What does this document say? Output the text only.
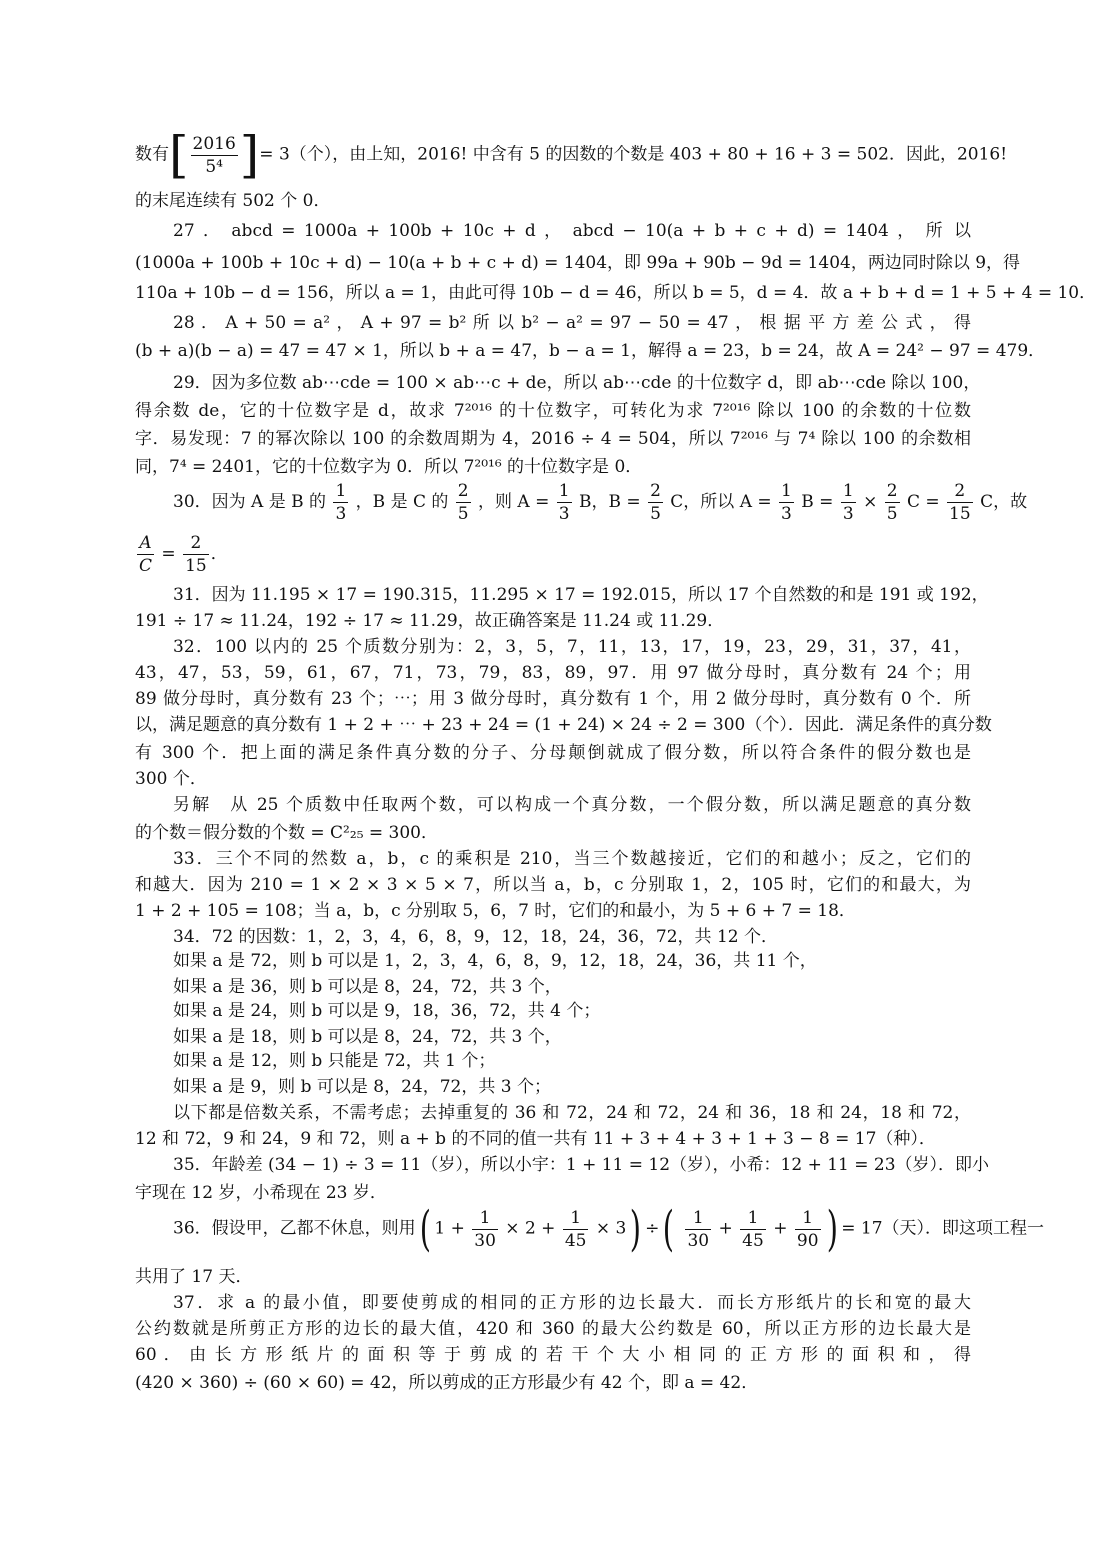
数有[ $\frac{2016}{\text{5⁴}}$ ]= 3（个），由上知，2016! 中含有 5 的因数的个数是 403 + 80 + 16 + 3 = 502．因此，2016!
的末尾连续有 502 个 0．
27 ． abcd = 1000a + 100b + 10c + d ， abcd − 10(a + b + c + d) = 1404 ， 所 以
(1000a + 100b + 10c + d) − 10(a + b + c + d) = 1404，即 99a + 90b − 9d = 1404，两边同时除以 9，得
110a + 10b − d = 156，所以 a = 1，由此可得 10b − d = 46，所以 b = 5，d = 4．故 a + b + d = 1 + 5 + 4 = 10．
28 ． A + 50 = a² ， A + 97 = b² 所 以 b² − a² = 97 − 50 = 47 ， 根 据 平 方 差 公 式 ， 得
(b + a)(b − a) = 47 = 47 × 1，所以 b + a = 47，b − a = 1，解得 a = 23，b = 24，故 A = 24² − 97 = 479．
29．因为多位数 ab⋯cde = 100 × ab⋯c + de，所以 ab⋯cde 的十位数字 d，即 ab⋯cde 除以 100，
得余数 de，它的十位数字是 d，故求 7²⁰¹⁶ 的十位数字，可转化为求 7²⁰¹⁶ 除以 100 的余数的十位数
字．易发现：7 的幂次除以 100 的余数周期为 4，2016 ÷ 4 = 504，所以 7²⁰¹⁶ 与 7⁴ 除以 100 的余数相
同，7⁴ = 2401，它的十位数字为 0．所以 7²⁰¹⁶ 的十位数字是 0．
30．因为 A 是 B 的 $\frac{1}{3}$ ，B 是 C 的 $\frac{2}{5}$ ，则 $A = \frac{1}{3}$ B，$B = \frac{2}{5}$ C，所以 $A = \frac{1}{3}$ $B = \frac{1}{3} \times \frac{2}{5}$ $C = \frac{2}{15}$ C，故
$\frac{A}{C} = \frac{2}{15}$ ．
31．因为 11.195 × 17 = 190.315，11.295 × 17 = 192.015，所以 17 个自然数的和是 191 或 192，
191 ÷ 17 ≈ 11.24，192 ÷ 17 ≈ 11.29，故正确答案是 11.24 或 11.29．
32．100 以内的 25 个质数分别为：2，3，5，7，11，13，17，19，23，29，31，37，41，
43，47，53，59，61，67，71，73，79，83，89，97．用 97 做分母时，真分数有 24 个；用
89 做分母时，真分数有 23 个；⋯；用 3 做分母时，真分数有 1 个，用 2 做分母时，真分数有 0 个．所
以，满足题意的真分数有 1 + 2 + ⋯ + 23 + 24 = (1 + 24) × 24 ÷ 2 = 300（个）．因此．满足条件的真分数
有 300 个．把上面的满足条件真分数的分子、分母颠倒就成了假分数，所以符合条件的假分数也是
300 个．
另解　从 25 个质数中任取两个数，可以构成一个真分数，一个假分数，所以满足题意的真分数
的个数＝假分数的个数 = C²₂₅ = 300．
33．三个不同的然数 a，b，c 的乘积是 210，当三个数越接近，它们的和越小；反之，它们的
和越大．因为 210 = 1 × 2 × 3 × 5 × 7，所以当 a，b，c 分别取 1，2，105 时，它们的和最大，为
1 + 2 + 105 = 108；当 a，b，c 分别取 5，6，7 时，它们的和最小，为 5 + 6 + 7 = 18．
34．72 的因数：1，2，3，4，6，8，9，12，18，24，36，72，共 12 个．
如果 a 是 72，则 b 可以是 1，2，3，4，6，8，9，12，18，24，36，共 11 个，
如果 a 是 36，则 b 可以是 8，24，72，共 3 个，
如果 a 是 24，则 b 可以是 9，18，36，72，共 4 个；
如果 a 是 18，则 b 可以是 8，24，72，共 3 个，
如果 a 是 12，则 b 只能是 72，共 1 个；
如果 a 是 9，则 b 可以是 8，24，72，共 3 个；
以下都是倍数关系，不需考虑；去掉重复的 36 和 72，24 和 72，24 和 36，18 和 24，18 和 72，
12 和 72，9 和 24，9 和 72，则 a + b 的不同的值一共有 11 + 3 + 4 + 3 + 1 + 3 − 8 = 17（种）．
35．年龄差 (34 − 1) ÷ 3 = 11（岁），所以小宇：1 + 11 = 12（岁），小希：12 + 11 = 23（岁）．即小
宇现在 12 岁，小希现在 23 岁．
36．假设甲，乙都不休息，则用( $1 + \frac{1}{30} \times 2 + \frac{1}{45} \times 3$) ÷( $\frac{1}{30} + \frac{1}{45} + \frac{1}{90}$ ) = 17（天）．即这项工程一
共用了 17 天．
37．求 a 的最小值，即要使剪成的相同的正方形的边长最大．而长方形纸片的长和宽的最大
公约数就是所剪正方形的边长的最大值，420 和 360 的最大公约数是 60，所以正方形的边长最大是
60 ． 由 长 方 形 纸 片 的 面 积 等 于 剪 成 的 若 干 个 大 小 相 同 的 正 方 形 的 面 积 和 ， 得
(420 × 360) ÷ (60 × 60) = 42，所以剪成的正方形最少有 42 个，即 a = 42．
